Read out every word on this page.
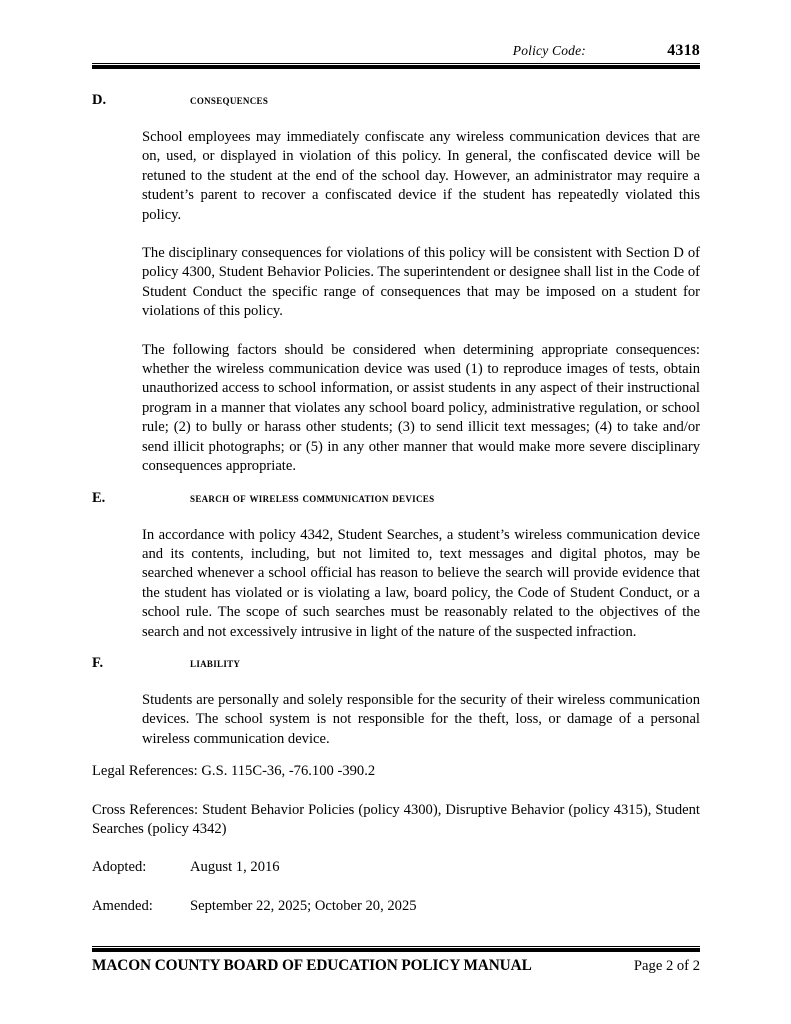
Policy Code:	4318
D.	consequences

School employees may immediately confiscate any wireless communication devices that are on, used, or displayed in violation of this policy. In general, the confiscated device will be retuned to the student at the end of the school day. However, an administrator may require a student’s parent to recover a confiscated device if the student has repeatedly violated this policy.

The disciplinary consequences for violations of this policy will be consistent with Section D of policy 4300, Student Behavior Policies. The superintendent or designee shall list in the Code of Student Conduct the specific range of consequences that may be imposed on a student for violations of this policy.

The following factors should be considered when determining appropriate consequences: whether the wireless communication device was used (1) to reproduce images of tests, obtain unauthorized access to school information, or assist students in any aspect of their instructional program in a manner that violates any school board policy, administrative regulation, or school rule; (2) to bully or harass other students; (3) to send illicit text messages; (4) to take and/or send illicit photographs; or (5) in any other manner that would make more severe disciplinary consequences appropriate.

E.	search of wireless communication devices

In accordance with policy 4342, Student Searches, a student’s wireless communication device and its contents, including, but not limited to, text messages and digital photos, may be searched whenever a school official has reason to believe the search will provide evidence that the student has violated or is violating a law, board policy, the Code of Student Conduct, or a school rule. The scope of such searches must be reasonably related to the objectives of the search and not excessively intrusive in light of the nature of the suspected infraction.

F.	liability

Students are personally and solely responsible for the security of their wireless communication devices. The school system is not responsible for the theft, loss, or damage of a personal wireless communication device.

Legal References: G.S. 115C-36, -76.100 -390.2
Cross References: Student Behavior Policies (policy 4300), Disruptive Behavior (policy 4315), Student Searches (policy 4342)
Adopted:	August 1, 2016
Amended:	September 22, 2025; October 20, 2025
MACON COUNTY BOARD OF EDUCATION POLICY MANUAL	Page 2 of 2
